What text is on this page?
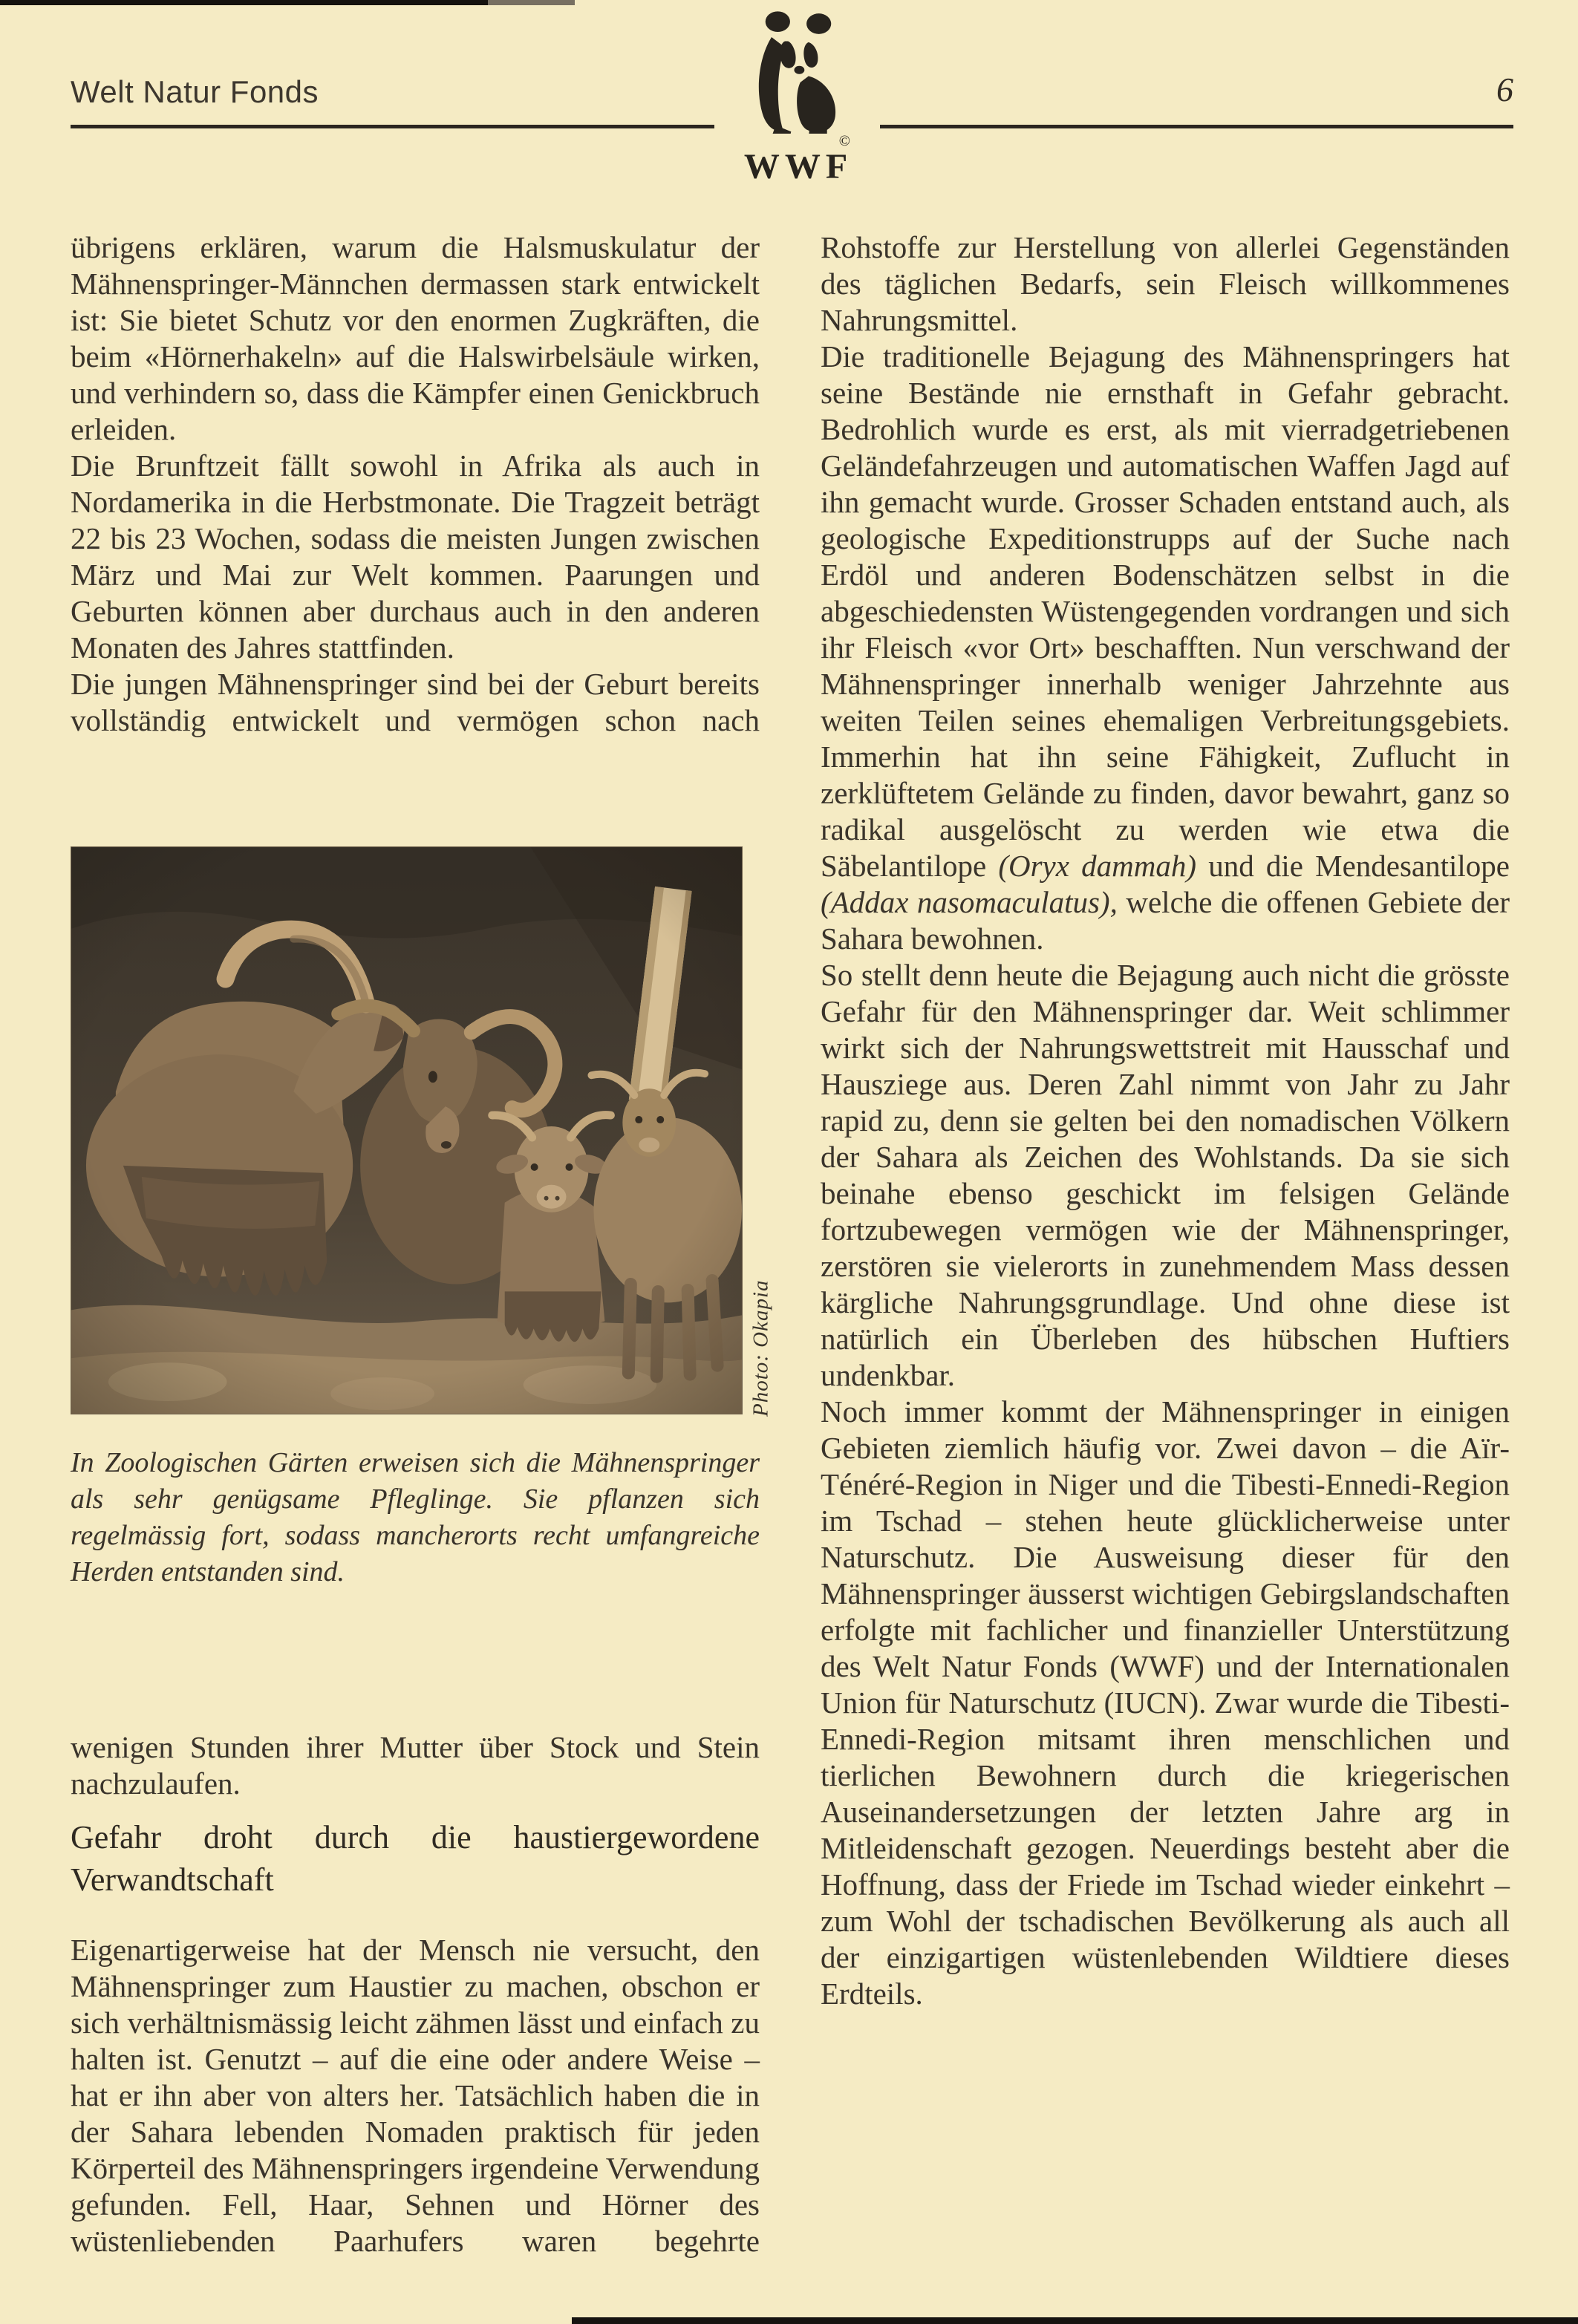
Welt Natur Fonds	6
©
WWF

übrigens erklären, warum die Halsmuskulatur der Mähnenspringer-Männchen dermassen stark entwickelt ist: Sie bietet Schutz vor den enormen Zugkräften, die beim «Hörnerhakeln» auf die Halswirbelsäule wirken, und verhindern so, dass die Kämpfer einen Genickbruch erleiden.

Die Brunftzeit fällt sowohl in Afrika als auch in Nordamerika in die Herbstmonate. Die Tragzeit beträgt 22 bis 23 Wochen, sodass die meisten Jungen zwischen März und Mai zur Welt kommen. Paarungen und Geburten können aber durchaus auch in den anderen Monaten des Jahres stattfinden.

Die jungen Mähnenspringer sind bei der Geburt bereits vollständig entwickelt und vermögen schon nach

Photo: Okapia

In Zoologischen Gärten erweisen sich die Mähnenspringer als sehr genügsame Pfleglinge. Sie pflanzen sich regelmässig fort, sodass mancherorts recht umfangreiche Herden entstanden sind.

wenigen Stunden ihrer Mutter über Stock und Stein nachzulaufen.

Gefahr droht durch die haustiergewordene Verwandtschaft

Eigenartigerweise hat der Mensch nie versucht, den Mähnenspringer zum Haustier zu machen, obschon er sich verhältnismässig leicht zähmen lässt und einfach zu halten ist. Genutzt – auf die eine oder andere Weise – hat er ihn aber von alters her. Tatsächlich haben die in der Sahara lebenden Nomaden praktisch für jeden Körperteil des Mähnenspringers irgendeine Verwendung gefunden. Fell, Haar, Sehnen und Hörner des wüstenliebenden Paarhufers waren begehrte

Rohstoffe zur Herstellung von allerlei Gegenständen des täglichen Bedarfs, sein Fleisch willkommenes Nahrungsmittel.

Die traditionelle Bejagung des Mähnenspringers hat seine Bestände nie ernsthaft in Gefahr gebracht. Bedrohlich wurde es erst, als mit vierradgetriebenen Geländefahrzeugen und automatischen Waffen Jagd auf ihn gemacht wurde. Grosser Schaden entstand auch, als geologische Expeditionstrupps auf der Suche nach Erdöl und anderen Bodenschätzen selbst in die abgeschiedensten Wüstengegenden vordrangen und sich ihr Fleisch «vor Ort» beschafften. Nun verschwand der Mähnenspringer innerhalb weniger Jahrzehnte aus weiten Teilen seines ehemaligen Verbreitungsgebiets. Immerhin hat ihn seine Fähigkeit, Zuflucht in zerklüftetem Gelände zu finden, davor bewahrt, ganz so radikal ausgelöscht zu werden wie etwa die Säbelantilope (Oryx dammah) und die Mendesantilope (Addax nasomaculatus), welche die offenen Gebiete der Sahara bewohnen.

So stellt denn heute die Bejagung auch nicht die grösste Gefahr für den Mähnenspringer dar. Weit schlimmer wirkt sich der Nahrungswettstreit mit Hausschaf und Hausziege aus. Deren Zahl nimmt von Jahr zu Jahr rapid zu, denn sie gelten bei den nomadischen Völkern der Sahara als Zeichen des Wohlstands. Da sie sich beinahe ebenso geschickt im felsigen Gelände fortzubewegen vermögen wie der Mähnenspringer, zerstören sie vielerorts in zunehmendem Mass dessen kärgliche Nahrungsgrundlage. Und ohne diese ist natürlich ein Überleben des hübschen Huftiers undenkbar.

Noch immer kommt der Mähnenspringer in einigen Gebieten ziemlich häufig vor. Zwei davon – die Aïr-Ténéré-Region in Niger und die Tibesti-Ennedi-Region im Tschad – stehen heute glücklicherweise unter Naturschutz. Die Ausweisung dieser für den Mähnenspringer äusserst wichtigen Gebirgslandschaften erfolgte mit fachlicher und finanzieller Unterstützung des Welt Natur Fonds (WWF) und der Internationalen Union für Naturschutz (IUCN). Zwar wurde die Tibesti-Ennedi-Region mitsamt ihren menschlichen und tierlichen Bewohnern durch die kriegerischen Auseinandersetzungen der letzten Jahre arg in Mitleidenschaft gezogen. Neuerdings besteht aber die Hoffnung, dass der Friede im Tschad wieder einkehrt – zum Wohl der tschadischen Bevölkerung als auch all der einzigartigen wüstenlebenden Wildtiere dieses Erdteils.
